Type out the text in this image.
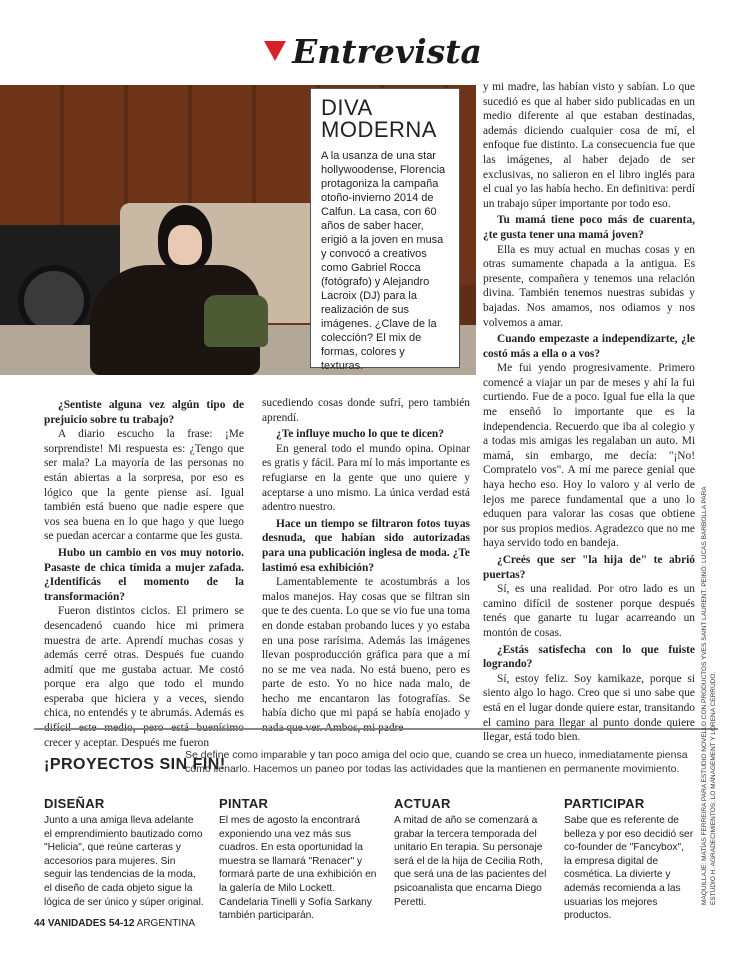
Entrevista
DIVA
MODERNA

A la usanza de una star hollywoodense, Florencia protagoniza la campaña otoño-invierno 2014 de Calfun. La casa, con 60 años de saber hacer, erigió a la joven en musa y convocó a creativos como Gabriel Rocca (fotógrafo) y Alejandro Lacroix (DJ) para la realización de sus imágenes. ¿Clave de la colección? El mix de formas, colores y texturas.

¿Sentiste alguna vez algún tipo de prejuicio sobre tu trabajo?

A diario escucho la frase: ¡Me sorprendiste! Mi respuesta es: ¿Tengo que ser mala? La mayoría de las personas no están abiertas a la sorpresa, por eso es lógico que la gente piense así. Igual también está bueno que nadie espere que vos sea buena en lo que hago y que luego se puedan acercar a contarme que les gusta.

Hubo un cambio en vos muy notorio. Pasaste de chica tímida a mujer zafada. ¿Identificás el momento de la transformación?

Fueron distintos ciclos. El primero se desencadenó cuando hice mi primera muestra de arte. Aprendí muchas cosas y además cerré otras. Después fue cuando admití que me gustaba actuar. Me costó porque era algo que todo el mundo esperaba que hiciera y a veces, siendo chica, no entendés y te abrumás. Además es difícil este medio, pero está buenísimo crecer y aceptar. Después me fueron

sucediendo cosas donde sufrí, pero también aprendí.

¿Te influye mucho lo que te dicen?

En general todo el mundo opina. Opinar es gratis y fácil. Para mí lo más importante es refugiarse en la gente que uno quiere y aceptarse a uno mismo. La única verdad está adentro nuestro.

Hace un tiempo se filtraron fotos tuyas desnuda, que habían sido autorizadas para una publicación inglesa de moda. ¿Te lastimó esa exhibición?

Lamentablemente te acostumbrás a los malos manejos. Hay cosas que se filtran sin que te des cuenta. Lo que se vio fue una toma en donde estaban probando luces y yo estaba en una pose rarísima. Además las imágenes llevan posproducción gráfica para que a mí no se me vea nada. No está bueno, pero es parte de esto. Yo no hice nada malo, de hecho me encantaron las fotografías. Se había dicho que mi papá se había enojado y nada que ver. Ambos, mi padre

y mi madre, las habían visto y sabían. Lo que sucedió es que al haber sido publicadas en un medio diferente al que estaban destinadas, además diciendo cualquier cosa de mí, el enfoque fue distinto. La consecuencia fue que las imágenes, al haber dejado de ser exclusivas, no salieron en el libro inglés para el cual yo las había hecho. En definitiva: perdí un trabajo súper importante por todo eso.

Tu mamá tiene poco más de cuarenta, ¿te gusta tener una mamá joven?

Ella es muy actual en muchas cosas y en otras sumamente chapada a la antigua. Es presente, compañera y tenemos una relación divina. También tenemos nuestras subidas y bajadas. Nos amamos, nos odiamos y nos volvemos a amar.

Cuando empezaste a independizarte, ¿le costó más a ella o a vos?

Me fui yendo progresivamente. Primero comencé a viajar un par de meses y ahí la fui curtiendo. Fue de a poco. Igual fue ella la que me enseñó lo importante que es la independencia. Recuerdo que iba al colegio y a todas mis amigas les regalaban un auto. Mi mamá, sin embargo, me decía: "¡No! Compratelo vos". A mí me parece genial que haya hecho eso. Hoy lo valoro y al verlo de lejos me parece fundamental que a uno lo eduquen para valorar las cosas que obtiene por sus propios medios. Agradezco que no me haya servido todo en bandeja.

¿Creés que ser "la hija de" te abrió puertas?

Sí, es una realidad. Por otro lado es un camino difícil de sostener porque después tenés que ganarte tu lugar acarreando un montón de cosas.

¿Estás satisfecha con lo que fuiste logrando?

Sí, estoy feliz. Soy kamikaze, porque si siento algo lo hago. Creo que si uno sabe que está en el lugar donde quiere estar, transitando el camino para llegar al punto donde quiere llegar, está todo bien.

¡PROYECTOS SIN FIN!
Se define como imparable y tan poco amiga del ocio que, cuando se crea un hueco, inmediatamente piensa cómo llenarlo. Hacemos un paneo por todas las actividades que la mantienen en permanente movimiento.
DISEÑAR

Junto a una amiga lleva adelante el emprendimiento bautizado como "Helicia", que reúne carteras y accesorios para mujeres. Sin seguir las tendencias de la moda, el diseño de cada objeto sigue la lógica de ser único y súper original.

PINTAR

El mes de agosto la encontrará exponiendo una vez más sus cuadros. En esta oportunidad la muestra se llamará "Renacer" y formará parte de una exhibición en la galería de Milo Lockett. Candelaria Tinelli y Sofía Sarkany también participarán.

ACTUAR

A mitad de año se comenzará a grabar la tercera temporada del unitario En terapia. Su personaje será el de la hija de Cecilia Roth, que será una de las pacientes del psicoanalista que encarna Diego Peretti.

PARTICIPAR

Sabe que es referente de belleza y por eso decidió ser co-founder de "Fancybox", la empresa digital de cosmética. La divierte y además recomienda a las usuarias los mejores productos.

44 VANIDADES 54-12 ARGENTINA
MAQUILLAJE: MATÍAS FERREIRA PARA ESTUDIO NOVELLO CON PRODUCTOS YVES SAINT LAURENT. PEINÓ: LUCAS BARBOLLA PARA ESTUDIO H. AGRADECIMIENTOS: LO MANAGEMENT Y LORENA CERRUDO.
